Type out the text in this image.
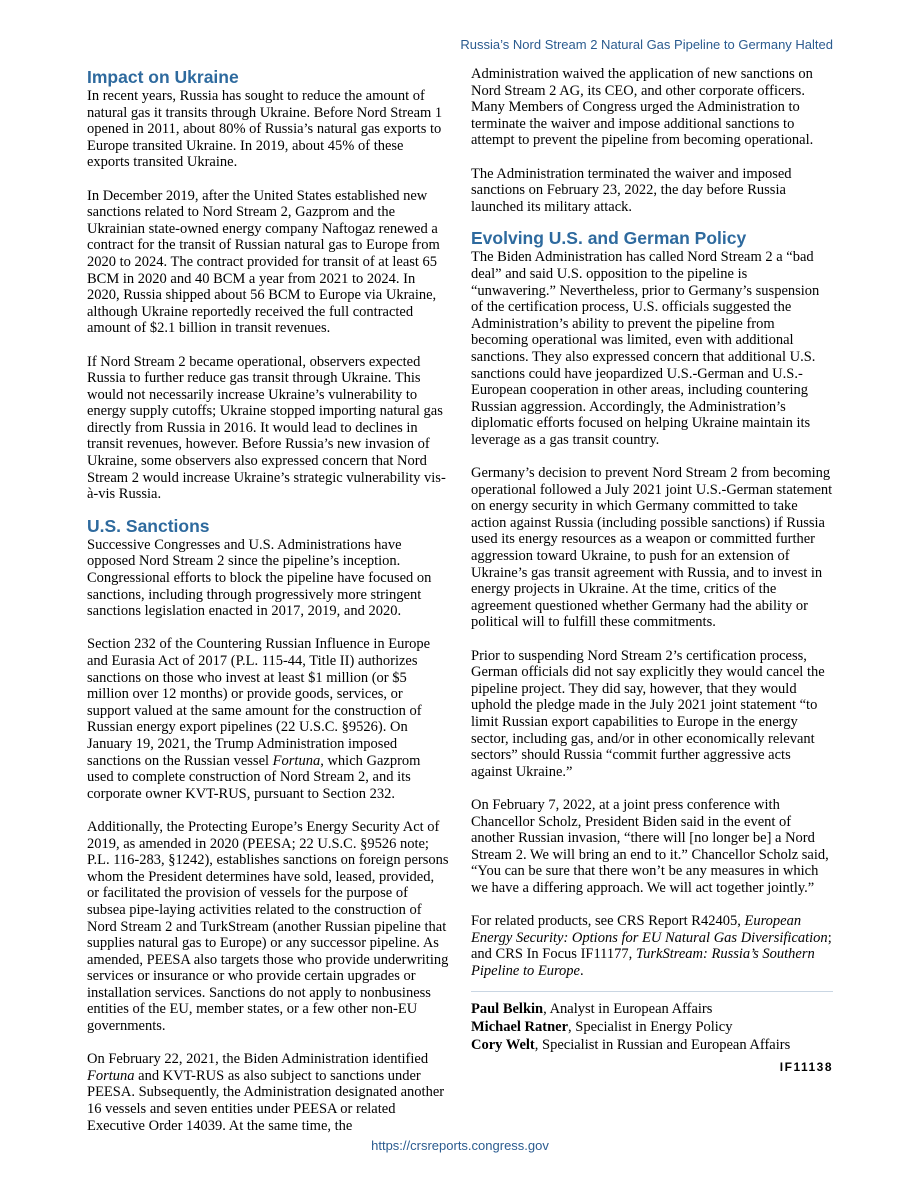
Russia’s Nord Stream 2 Natural Gas Pipeline to Germany Halted
Impact on Ukraine

In recent years, Russia has sought to reduce the amount of natural gas it transits through Ukraine. Before Nord Stream 1 opened in 2011, about 80% of Russia’s natural gas exports to Europe transited Ukraine. In 2019, about 45% of these exports transited Ukraine.

In December 2019, after the United States established new sanctions related to Nord Stream 2, Gazprom and the Ukrainian state-owned energy company Naftogaz renewed a contract for the transit of Russian natural gas to Europe from 2020 to 2024. The contract provided for transit of at least 65 BCM in 2020 and 40 BCM a year from 2021 to 2024. In 2020, Russia shipped about 56 BCM to Europe via Ukraine, although Ukraine reportedly received the full contracted amount of $2.1 billion in transit revenues.

If Nord Stream 2 became operational, observers expected Russia to further reduce gas transit through Ukraine. This would not necessarily increase Ukraine’s vulnerability to energy supply cutoffs; Ukraine stopped importing natural gas directly from Russia in 2016. It would lead to declines in transit revenues, however. Before Russia’s new invasion of Ukraine, some observers also expressed concern that Nord Stream 2 would increase Ukraine’s strategic vulnerability vis-à-vis Russia.

U.S. Sanctions

Successive Congresses and U.S. Administrations have opposed Nord Stream 2 since the pipeline’s inception. Congressional efforts to block the pipeline have focused on sanctions, including through progressively more stringent sanctions legislation enacted in 2017, 2019, and 2020.

Section 232 of the Countering Russian Influence in Europe and Eurasia Act of 2017 (P.L. 115-44, Title II) authorizes sanctions on those who invest at least $1 million (or $5 million over 12 months) or provide goods, services, or support valued at the same amount for the construction of Russian energy export pipelines (22 U.S.C. §9526). On January 19, 2021, the Trump Administration imposed sanctions on the Russian vessel Fortuna, which Gazprom used to complete construction of Nord Stream 2, and its corporate owner KVT-RUS, pursuant to Section 232.

Additionally, the Protecting Europe’s Energy Security Act of 2019, as amended in 2020 (PEESA; 22 U.S.C. §9526 note; P.L. 116-283, §1242), establishes sanctions on foreign persons whom the President determines have sold, leased, provided, or facilitated the provision of vessels for the purpose of subsea pipe-laying activities related to the construction of Nord Stream 2 and TurkStream (another Russian pipeline that supplies natural gas to Europe) or any successor pipeline. As amended, PEESA also targets those who provide underwriting services or insurance or who provide certain upgrades or installation services. Sanctions do not apply to nonbusiness entities of the EU, member states, or a few other non-EU governments.

On February 22, 2021, the Biden Administration identified Fortuna and KVT-RUS as also subject to sanctions under PEESA. Subsequently, the Administration designated another 16 vessels and seven entities under PEESA or related Executive Order 14039. At the same time, the

Administration waived the application of new sanctions on Nord Stream 2 AG, its CEO, and other corporate officers. Many Members of Congress urged the Administration to terminate the waiver and impose additional sanctions to attempt to prevent the pipeline from becoming operational.

The Administration terminated the waiver and imposed sanctions on February 23, 2022, the day before Russia launched its military attack.

Evolving U.S. and German Policy

The Biden Administration has called Nord Stream 2 a “bad deal” and said U.S. opposition to the pipeline is “unwavering.” Nevertheless, prior to Germany’s suspension of the certification process, U.S. officials suggested the Administration’s ability to prevent the pipeline from becoming operational was limited, even with additional sanctions. They also expressed concern that additional U.S. sanctions could have jeopardized U.S.-German and U.S.-European cooperation in other areas, including countering Russian aggression. Accordingly, the Administration’s diplomatic efforts focused on helping Ukraine maintain its leverage as a gas transit country.

Germany’s decision to prevent Nord Stream 2 from becoming operational followed a July 2021 joint U.S.-German statement on energy security in which Germany committed to take action against Russia (including possible sanctions) if Russia used its energy resources as a weapon or committed further aggression toward Ukraine, to push for an extension of Ukraine’s gas transit agreement with Russia, and to invest in energy projects in Ukraine. At the time, critics of the agreement questioned whether Germany had the ability or political will to fulfill these commitments.

Prior to suspending Nord Stream 2’s certification process, German officials did not say explicitly they would cancel the pipeline project. They did say, however, that they would uphold the pledge made in the July 2021 joint statement “to limit Russian export capabilities to Europe in the energy sector, including gas, and/or in other economically relevant sectors” should Russia “commit further aggressive acts against Ukraine.”

On February 7, 2022, at a joint press conference with Chancellor Scholz, President Biden said in the event of another Russian invasion, “there will [no longer be] a Nord Stream 2. We will bring an end to it.” Chancellor Scholz said, “You can be sure that there won’t be any measures in which we have a differing approach. We will act together jointly.”

For related products, see CRS Report R42405, European Energy Security: Options for EU Natural Gas Diversification; and CRS In Focus IF11177, TurkStream: Russia’s Southern Pipeline to Europe.

Paul Belkin, Analyst in European Affairs

Michael Ratner, Specialist in Energy Policy

Cory Welt, Specialist in Russian and European Affairs

IF11138
https://crsreports.congress.gov
